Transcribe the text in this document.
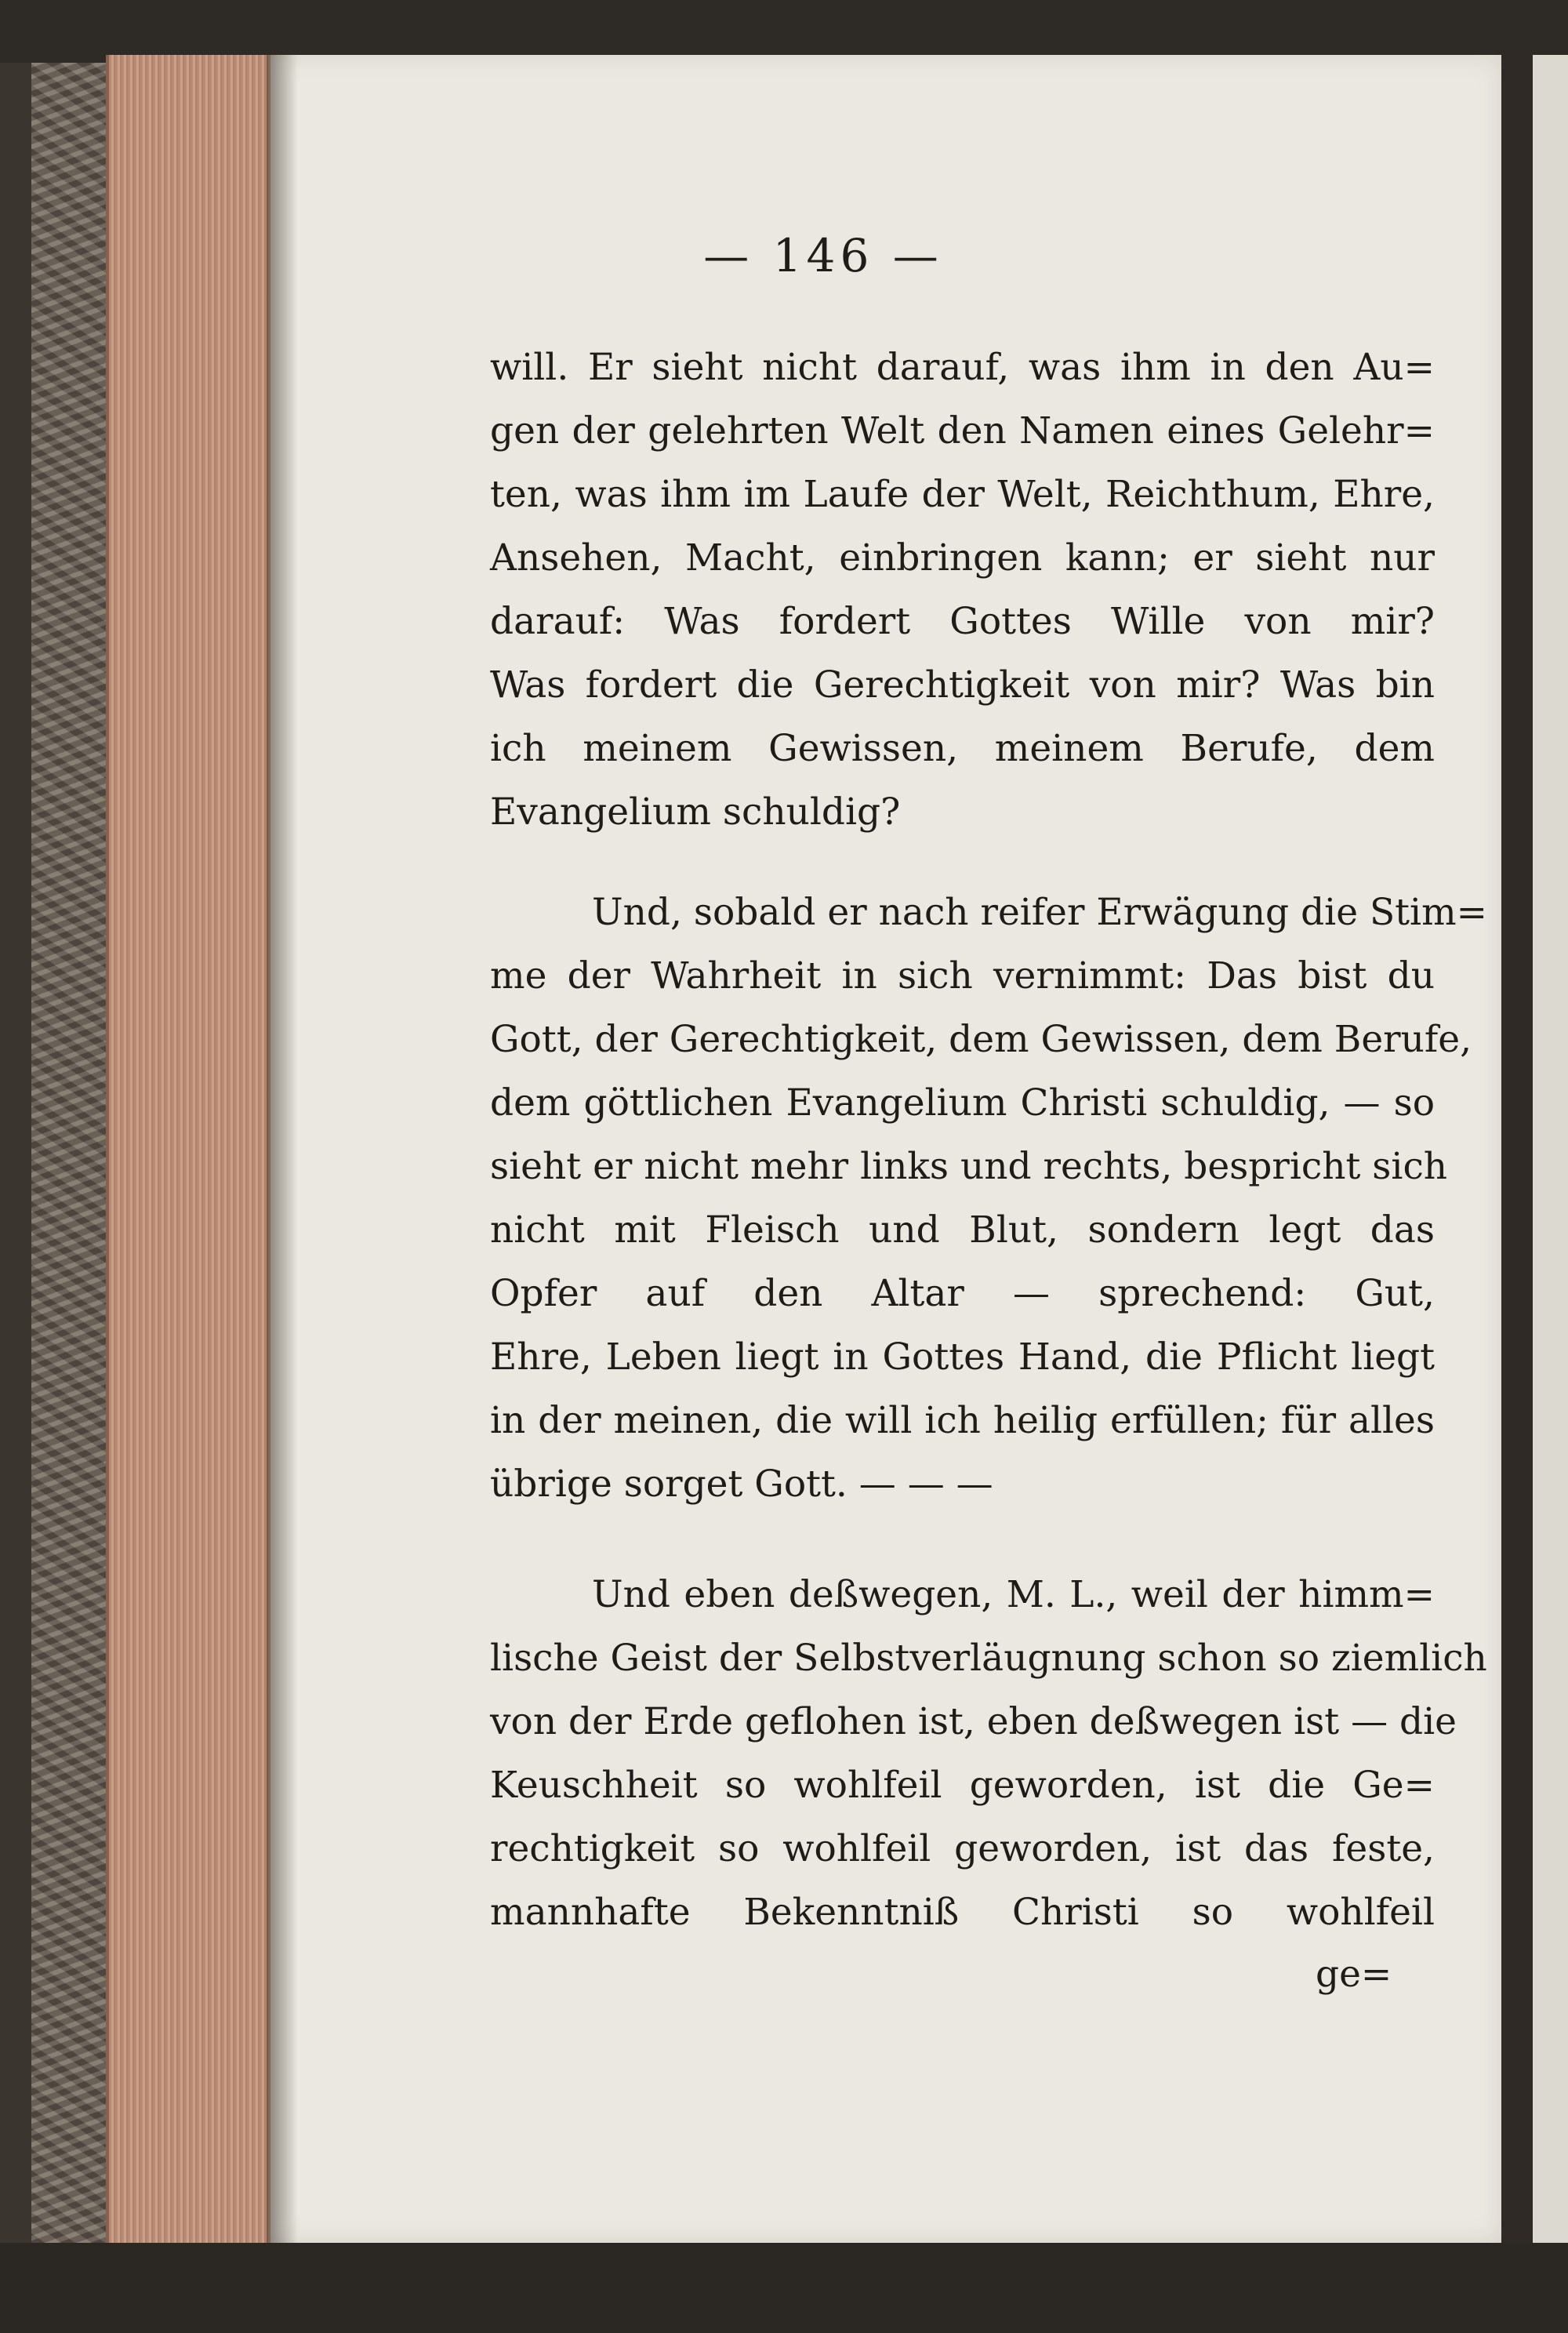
— 146 —
will. Er sieht nicht darauf, was ihm in den Au=
gen der gelehrten Welt den Namen eines Gelehr=
ten, was ihm im Laufe der Welt, Reichthum, Ehre,
Ansehen, Macht, einbringen kann; er sieht nur
darauf: Was fordert Gottes Wille von mir?
Was fordert die Gerechtigkeit von mir? Was bin
ich meinem Gewissen, meinem Berufe, dem
Evangelium schuldig?
Und, sobald er nach reifer Erwägung die Stim=
me der Wahrheit in sich vernimmt: Das bist du
Gott, der Gerechtigkeit, dem Gewissen, dem Berufe,
dem göttlichen Evangelium Christi schuldig, — so
sieht er nicht mehr links und rechts, bespricht sich
nicht mit Fleisch und Blut, sondern legt das
Opfer auf den Altar — sprechend: Gut,
Ehre, Leben liegt in Gottes Hand, die Pflicht liegt
in der meinen, die will ich heilig erfüllen; für alles
übrige sorget Gott. — — —
Und eben deßwegen, M. L., weil der himm=
lische Geist der Selbstverläugnung schon so ziemlich
von der Erde geflohen ist, eben deßwegen ist — die
Keuschheit so wohlfeil geworden, ist die Ge=
rechtigkeit so wohlfeil geworden, ist das feste,
mannhafte Bekenntniß Christi so wohlfeil
ge=
